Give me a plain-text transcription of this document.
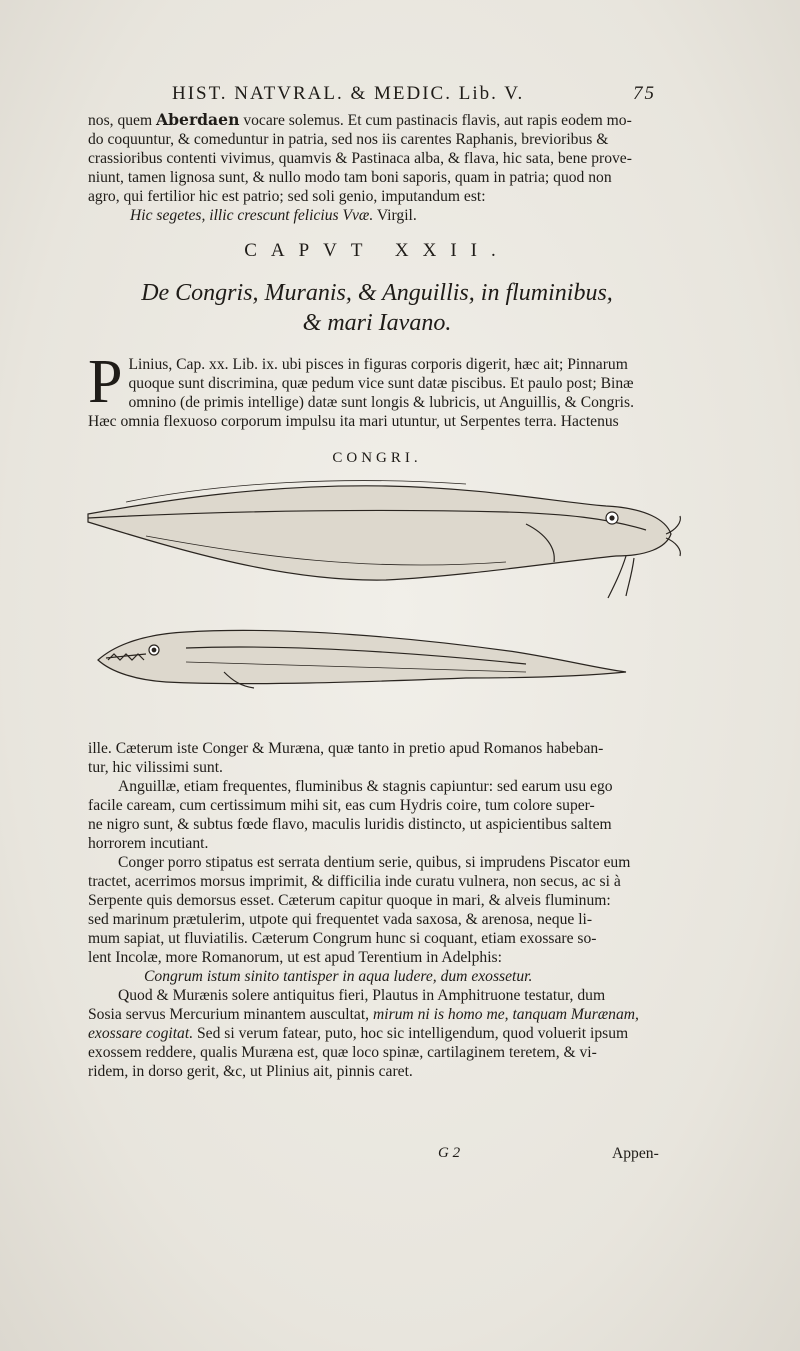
HIST. NATVRAL. & MEDIC. Lib. V.	75

nos, quem Aberdaen vocare solemus. Et cum pastinacis flavis, aut rapis eodem mo-

do coquuntur, & comeduntur in patria, sed nos iis carentes Raphanis, brevioribus &

crassioribus contenti vivimus, quamvis & Pastinaca alba, & flava, hic sata, bene prove-

niunt, tamen lignosa sunt, & nullo modo tam boni saporis, quam in patria; quod non

agro, qui fertilior hic est patrio; sed soli genio, imputandum est:

Hic segetes, illic crescunt felicius Vvæ. Virgil.

CAPVT XXII.
De Congris, Muranis, & Anguillis, in fluminibus,
& mari Iavano.
P Linius, Cap. xx. Lib. ix. ubi pisces in figuras corporis digerit, hæc ait; Pinnarum

quoque sunt discrimina, quæ pedum vice sunt datæ piscibus. Et paulo post; Binæ

omnino (de primis intellige) datæ sunt longis & lubricis, ut Anguillis, & Congris.

Hæc omnia flexuoso corporum impulsu ita mari utuntur, ut Serpentes terra. Hactenus

CONGRI.

ille. Cæterum iste Conger & Muræna, quæ tanto in pretio apud Romanos habeban-

tur, hic vilissimi sunt.

Anguillæ, etiam frequentes, fluminibus & stagnis capiuntur: sed earum usu ego

facile caream, cum certissimum mihi sit, eas cum Hydris coire, tum colore super-

ne nigro sunt, & subtus fœde flavo, maculis luridis distincto, ut aspicientibus saltem

horrorem incutiant.

Conger porro stipatus est serrata dentium serie, quibus, si imprudens Piscator eum

tractet, acerrimos morsus imprimit, & difficilia inde curatu vulnera, non secus, ac si à

Serpente quis demorsus esset. Cæterum capitur quoque in mari, & alveis fluminum:

sed marinum prætulerim, utpote qui frequentet vada saxosa, & arenosa, neque li-

mum sapiat, ut fluviatilis. Cæterum Congrum hunc si coquant, etiam exossare so-

lent Incolæ, more Romanorum, ut est apud Terentium in Adelphis:

Congrum istum sinito tantisper in aqua ludere, dum exossetur.

Quod & Murænis solere antiquitus fieri, Plautus in Amphitruone testatur, dum

Sosia servus Mercurium minantem auscultat, mirum ni is homo me, tanquam Murænam,

exossare cogitat. Sed si verum fatear, puto, hoc sic intelligendum, quod voluerit ipsum

exossem reddere, qualis Muræna est, quæ loco spinæ, cartilaginem teretem, & vi-

ridem, in dorso gerit, &c, ut Plinius ait, pinnis caret.

G 2	Appen-
